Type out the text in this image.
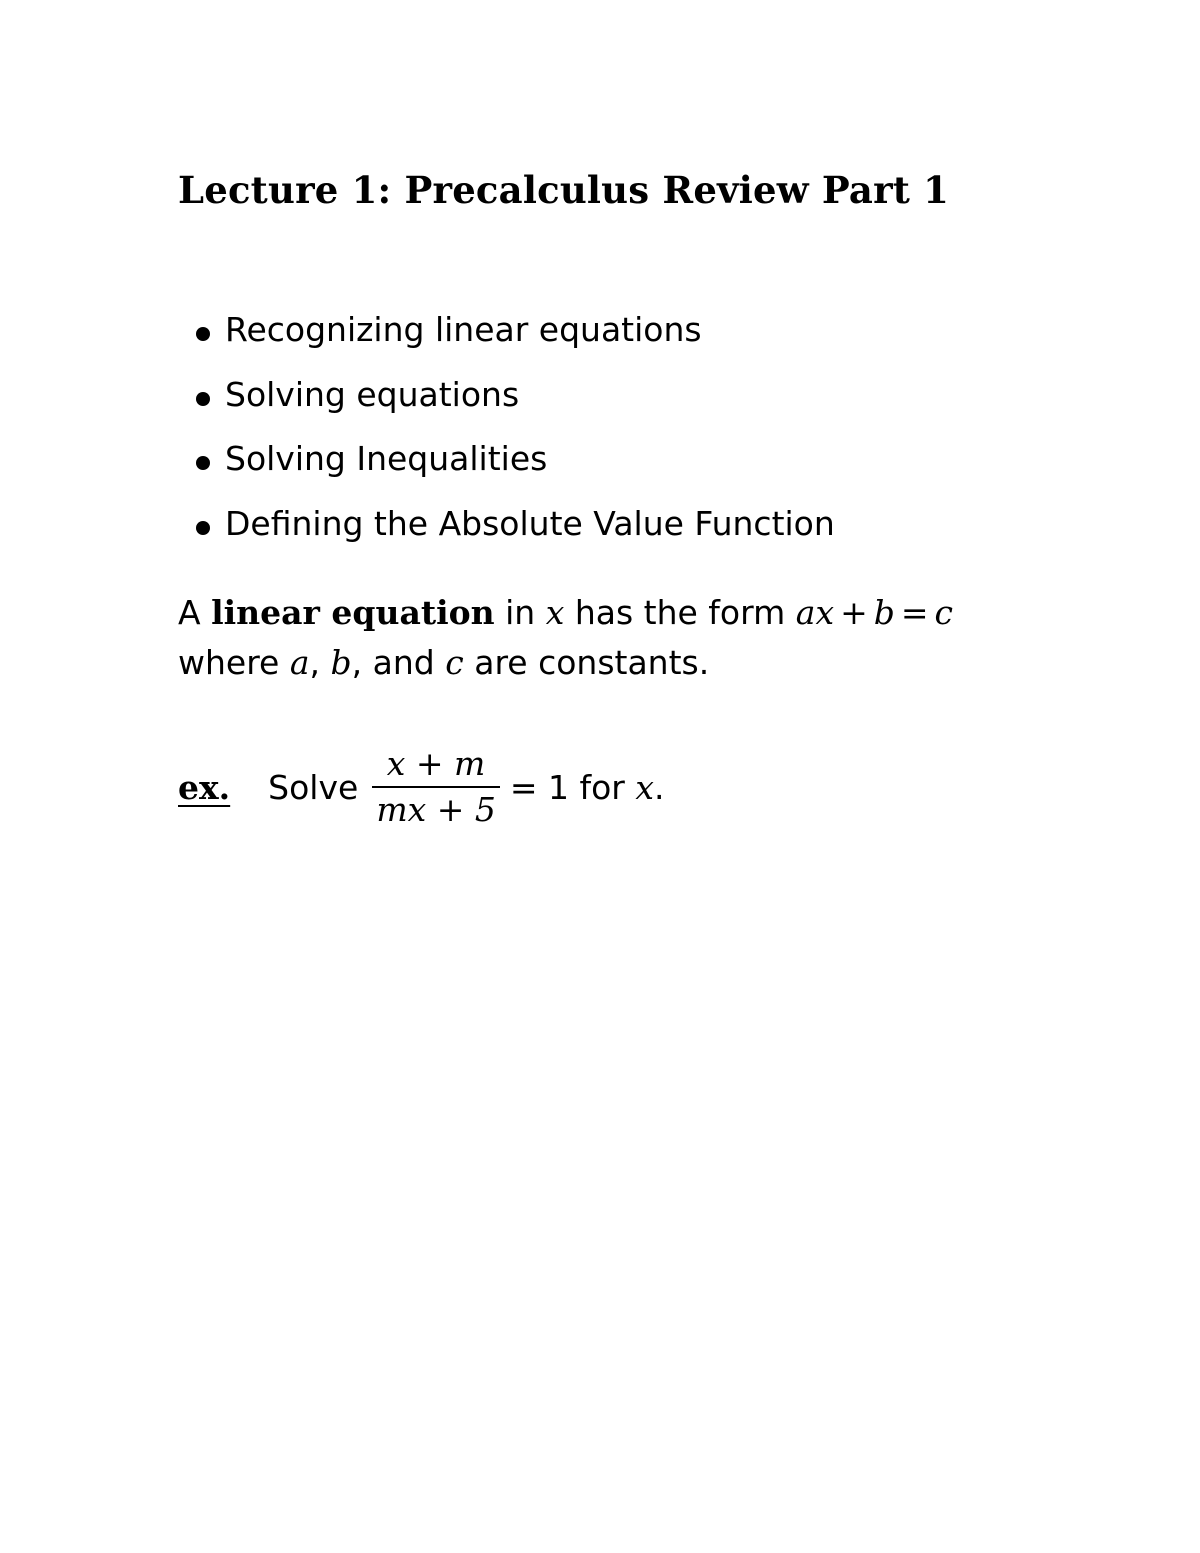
Lecture 1: Precalculus Review Part 1
Recognizing linear equations
Solving equations
Solving Inequalities
Defining the Absolute Value Function
A linear equation in x has the form ax + b = c
where a, b, and c are constants.
ex. Solve $\frac{x + m}{mx + 5} = 1$
for
x .
